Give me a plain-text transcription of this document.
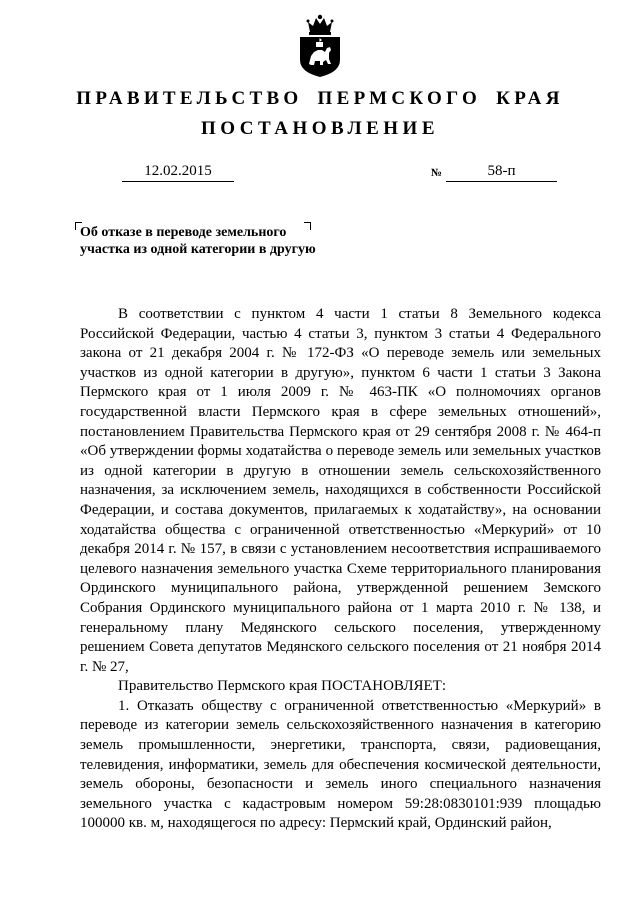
ПРАВИТЕЛЬСТВО ПЕРМСКОГО КРАЯ
ПОСТАНОВЛЕНИЕ
12.02.2015	№	58-п
Об отказе в переводе земельного
участка из одной категории в другую

В соответствии с пунктом 4 части 1 статьи 8 Земельного кодекса Российской Федерации, частью 4 статьи 3, пунктом 3 статьи 4 Федерального закона от 21 декабря 2004 г. № 172-ФЗ «О переводе земель или земельных участков из одной категории в другую», пунктом 6 части 1 статьи 3 Закона Пермского края от 1 июля 2009 г. № 463-ПК «О полномочиях органов государственной власти Пермского края в сфере земельных отношений», постановлением Правительства Пермского края от 29 сентября 2008 г. № 464-п «Об утверждении формы ходатайства о переводе земель или земельных участков из одной категории в другую в отношении земель сельскохозяйственного назначения, за исключением земель, находящихся в собственности Российской Федерации, и состава документов, прилагаемых к ходатайству», на основании ходатайства общества с ограниченной ответственностью «Меркурий» от 10 декабря 2014 г. № 157, в связи с установлением несоответствия испрашиваемого целевого назначения земельного участка Схеме территориального планирования Ординского муниципального района, утвержденной решением Земского Собрания Ординского муниципального района от 1 марта 2010 г. № 138, и генеральному плану Медянского сельского поселения, утвержденному решением Совета депутатов Медянского сельского поселения от 21 ноября 2014 г. № 27,

Правительство Пермского края ПОСТАНОВЛЯЕТ:

1. Отказать обществу с ограниченной ответственностью «Меркурий» в переводе из категории земель сельскохозяйственного назначения в категорию земель промышленности, энергетики, транспорта, связи, радиовещания, телевидения, информатики, земель для обеспечения космической деятельности, земель обороны, безопасности и земель иного специального назначения земельного участка с кадастровым номером 59:28:0830101:939 площадью 100000 кв. м, находящегося по адресу: Пермский край, Ординский район,
